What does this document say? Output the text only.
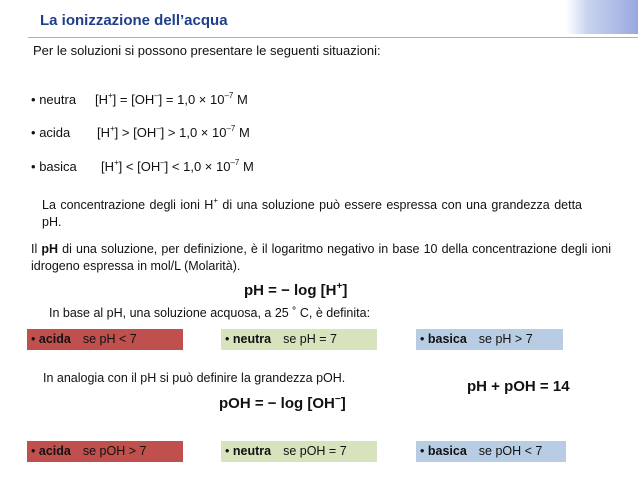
La ionizzazione dell’acqua
Per le soluzioni si possono presentare le seguenti situazioni:
• neutra $[H^+] = [OH^-] = 1,0 \times 10^{-7}$ M
• acida $[H^+] > [OH^-] > 1,0 \times 10^{-7}$ M
• basica $[H^+] < [OH^-] < 1,0 \times 10^{-7}$ M
La concentrazione degli ioni H+ di una soluzione può essere espressa con una grandezza detta pH.
Il pH di una soluzione, per definizione, è il logaritmo negativo in base 10 della concentrazione degli ioni idrogeno espressa in mol/L (Molarità).
pH = − log [H+]
In base al pH, una soluzione acquosa, a 25 ˚ C, è definita:
• acida se pH < 7	• neutra se pH = 7	• basica se pH > 7
In analogia con il pH si può definire la grandezza pOH.	pH + pOH = 14
pOH = − log [OH−]
• acida se pOH > 7	• neutra se pOH = 7	• basica se pOH < 7
